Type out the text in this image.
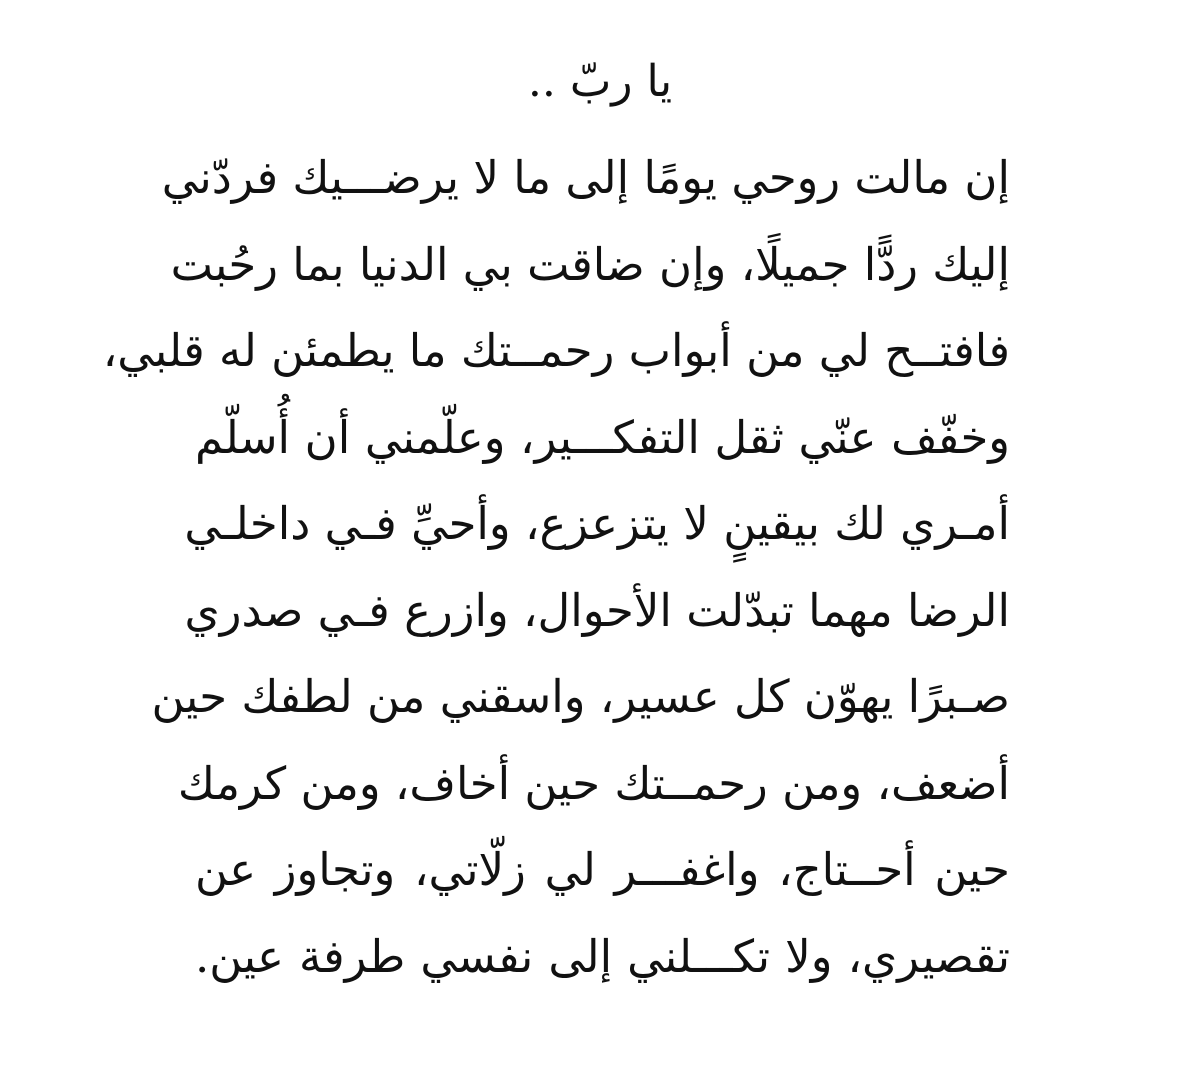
يا ربّ ..
إن مالت روحي يومًا إلى ما لا يرضـــيك فردّني
إليك ردًّا جميلًا، وإن ضاقت بي الدنيا بما رحُبت
فافتــح لي من أبواب رحمــتك ما يطمئن له قلبي،
وخفّف عنّي ثقل التفكـــير، وعلّمني أن أُسلّم
أمـري لك بيقينٍ لا يتزعزع، وأحيِّ فـي داخلـي
الرضا مهما تبدّلت الأحوال، وازرع فـي صدري
صـبرًا يهوّن كل عسير، واسقني من لطفك حين
أضعف، ومن رحمــتك حين أخاف، ومن كرمك
حين أحــتاج، واغفـــر لي زلّاتي، وتجاوز عن
تقصيري، ولا تكـــلني إلى نفسي طرفة عين.
